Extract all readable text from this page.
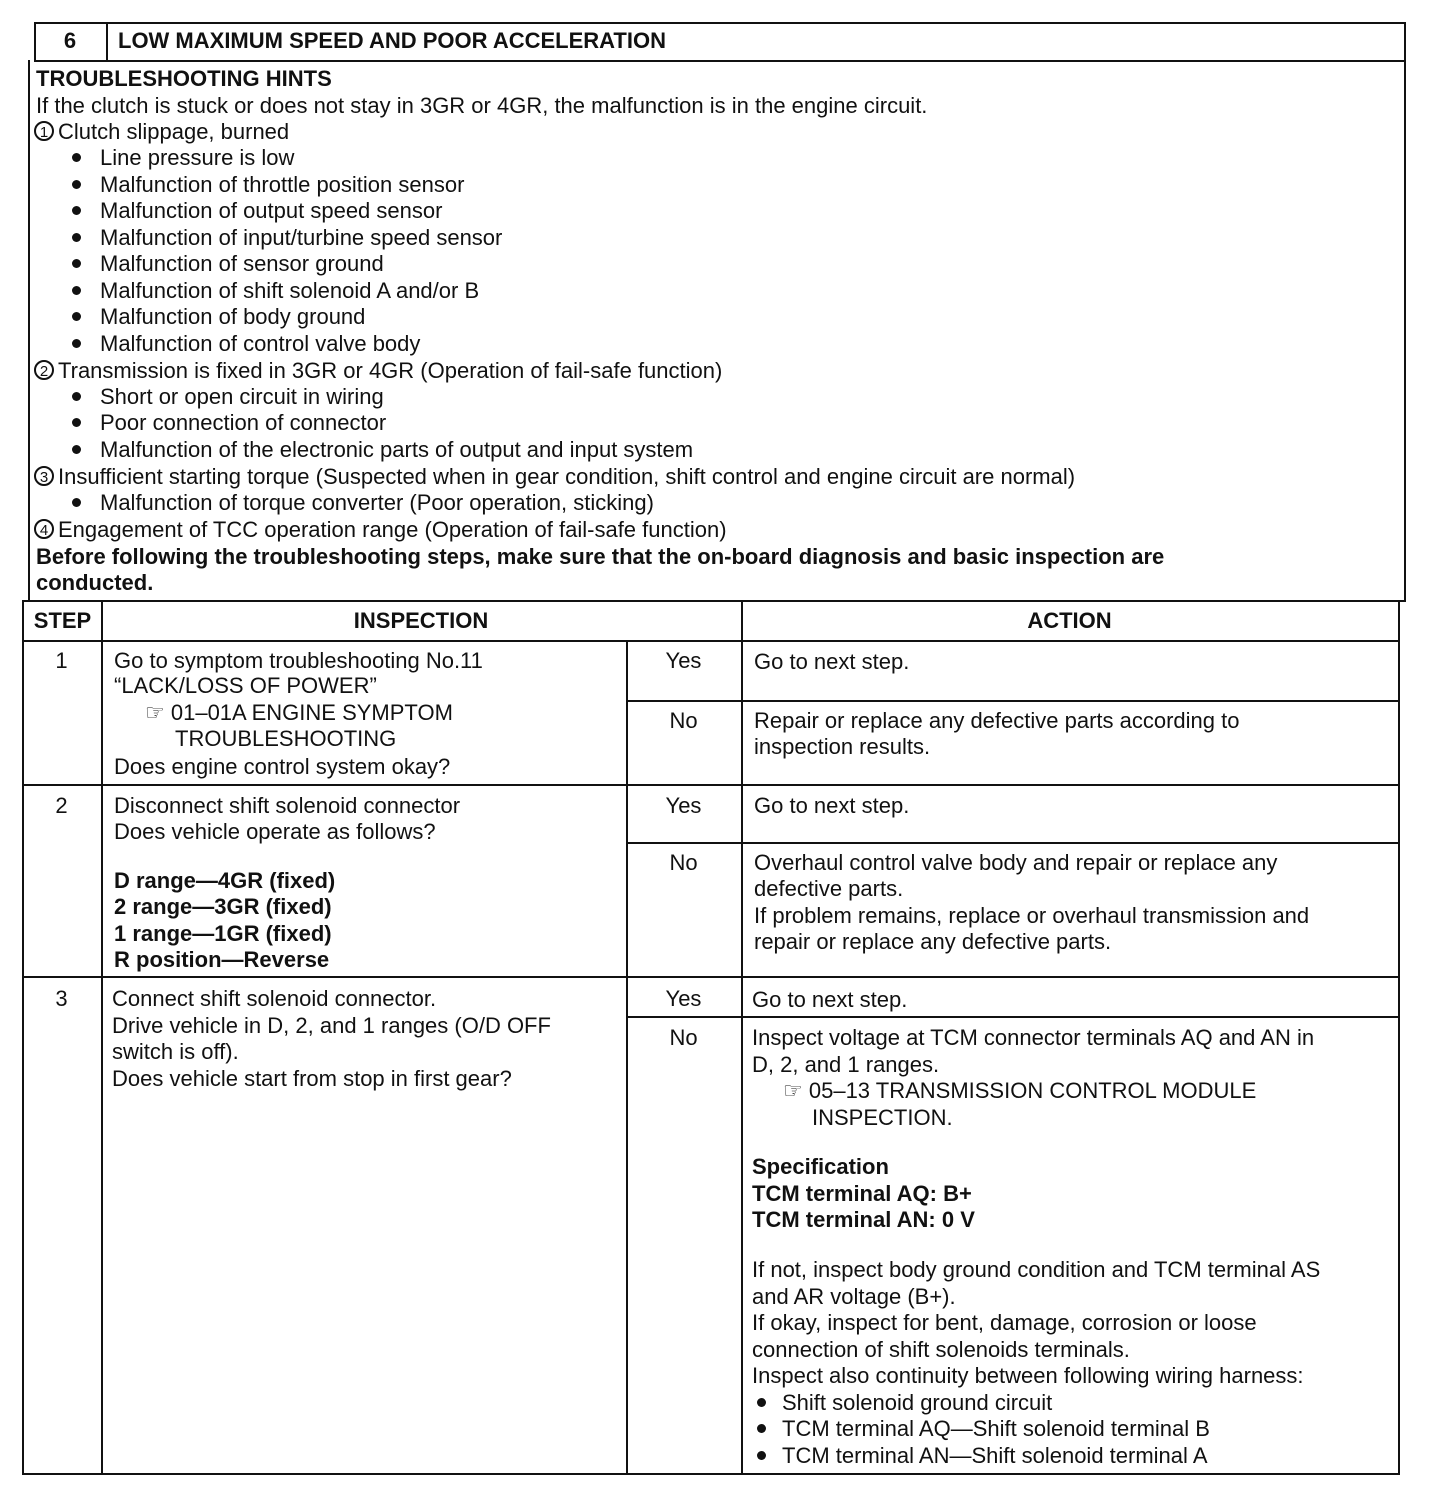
6	LOW MAXIMUM SPEED AND POOR ACCELERATION
TROUBLESHOOTING HINTS
If the clutch is stuck or does not stay in 3GR or 4GR, the malfunction is in the engine circuit.
1 Clutch slippage, burned
Line pressure is low
Malfunction of throttle position sensor
Malfunction of output speed sensor
Malfunction of input/turbine speed sensor
Malfunction of sensor ground
Malfunction of shift solenoid A and/or B
Malfunction of body ground
Malfunction of control valve body
2 Transmission is fixed in 3GR or 4GR (Operation of fail-safe function)
Short or open circuit in wiring
Poor connection of connector
Malfunction of the electronic parts of output and input system
3 Insufficient starting torque (Suspected when in gear condition, shift control and engine circuit are normal)
Malfunction of torque converter (Poor operation, sticking)
4 Engagement of TCC operation range (Operation of fail-safe function)
Before following the troubleshooting steps, make sure that the on-board diagnosis and basic inspection are
conducted.
STEP	INSPECTION	ACTION
1	Go to symptom troubleshooting No.11
“LACK/LOSS OF POWER”
☞ 01–01A ENGINE SYMPTOM
TROUBLESHOOTING
Does engine control system okay?
Yes	Go to next step.
No	Repair or replace any defective parts according to
inspection results.
2	Disconnect shift solenoid connector
Does vehicle operate as follows?
D range—4GR (fixed)
2 range—3GR (fixed)
1 range—1GR (fixed)
R position—Reverse
Yes	Go to next step.
No	Overhaul control valve body and repair or replace any
defective parts.
If problem remains, replace or overhaul transmission and
repair or replace any defective parts.
3	Connect shift solenoid connector.
Drive vehicle in D, 2, and 1 ranges (O/D OFF
switch is off).
Does vehicle start from stop in first gear?
Yes	Go to next step.
No	Inspect voltage at TCM connector terminals AQ and AN in
D, 2, and 1 ranges.
☞ 05–13 TRANSMISSION CONTROL MODULE
INSPECTION.
Specification
TCM terminal AQ: B+
TCM terminal AN: 0 V
If not, inspect body ground condition and TCM terminal AS
and AR voltage (B+).
If okay, inspect for bent, damage, corrosion or loose
connection of shift solenoids terminals.
Inspect also continuity between following wiring harness:
Shift solenoid ground circuit
TCM terminal AQ—Shift solenoid terminal B
TCM terminal AN—Shift solenoid terminal A
